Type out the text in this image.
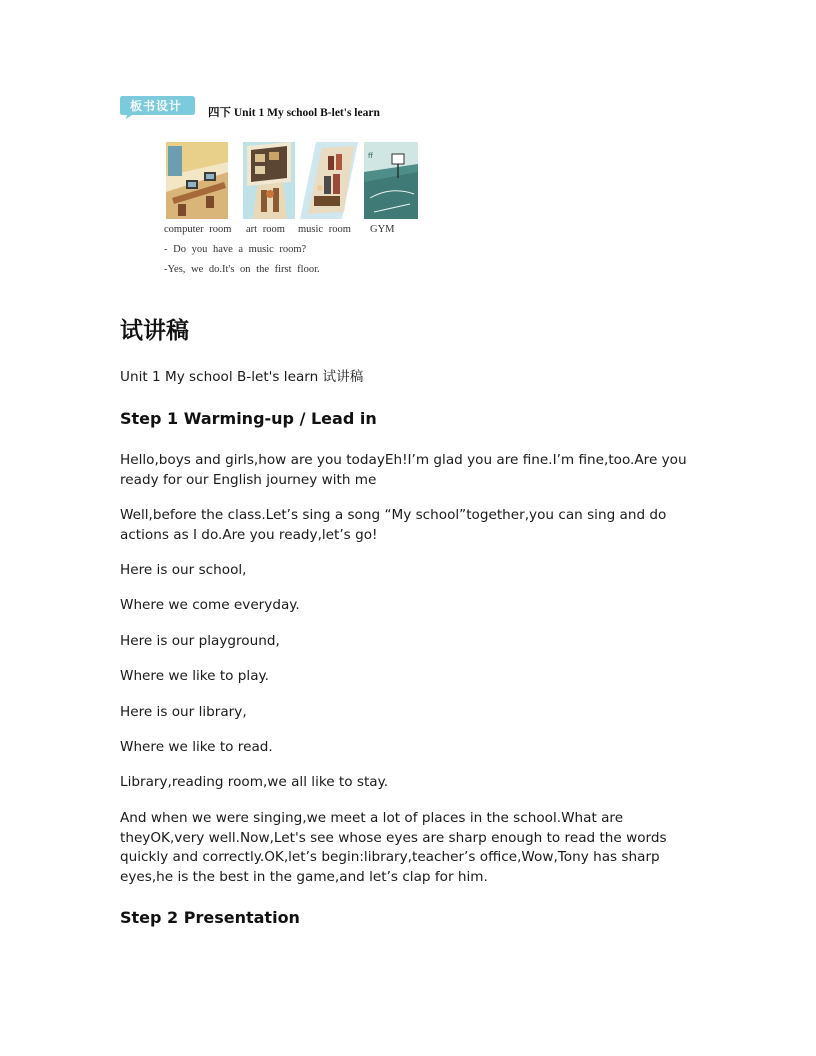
板书设计	四下 Unit 1 My school B-let's learn
ff
computer room art room music room GYM
- Do you have a music room?
-Yes, we do.It's on the first floor.
试讲稿
Unit 1 My school B-let's learn 试讲稿
Step 1 Warming-up / Lead in
Hello,boys and girls,how are you todayEh!I’m glad you are fine.I’m fine,too.Are you ready for our English journey with me
Well,before the class.Let’s sing a song “My school”together,you can sing and do actions as I do.Are you ready,let’s go!
Here is our school,
Where we come everyday.
Here is our playground,
Where we like to play.
Here is our library,
Where we like to read.
Library,reading room,we all like to stay.
And when we were singing,we meet a lot of places in the school.What are theyOK,very well.Now,Let's see whose eyes are sharp enough to read the words quickly and correctly.OK,let’s begin:library,teacher’s office,Wow,Tony has sharp eyes,he is the best in the game,and let’s clap for him.
Step 2 Presentation
